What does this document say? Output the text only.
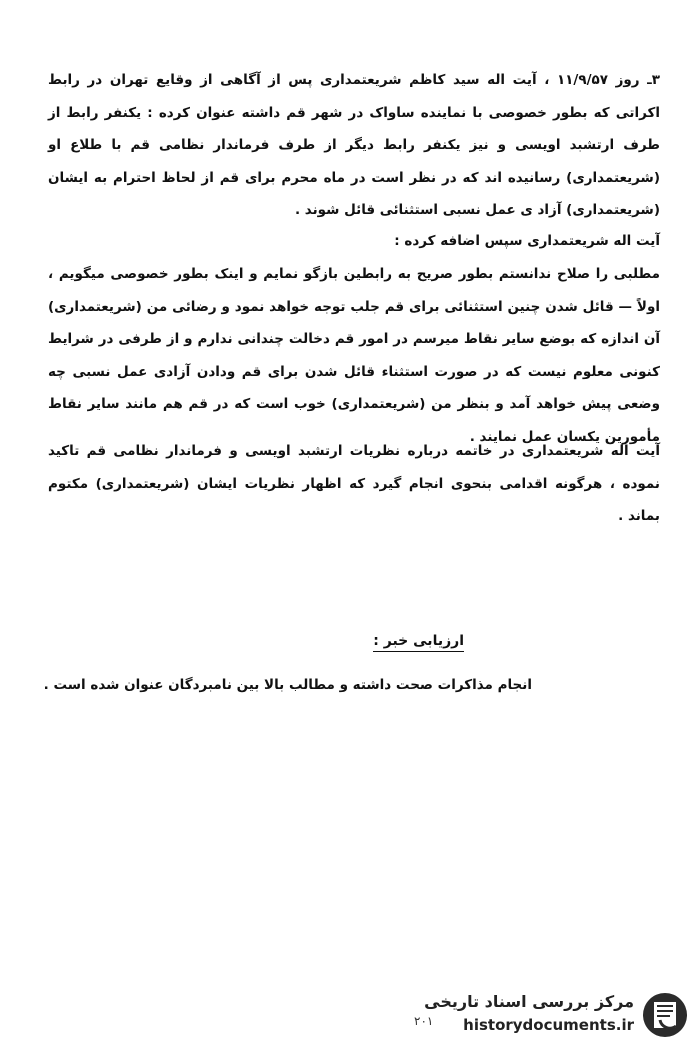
۳ـ روز ۱۱/۹/۵۷ ، آیت اله سید کاظم شریعتمداری پس از آگاهی از وقایع تهران در رابط اکراتی که بطور خصوصی با نماینده ساواک در شهر قم داشته عنوان کرده : یکنفر رابط از طرف ارتشبد اویسی و نیز یکنفر رابط دیگر از طرف فرماندار نظامی قم با طلاع او (شریعتمداری) رسانیده اند که در نظر است در ماه محرم برای قم از لحاظ احترام به ایشان (شریعتمداری) آزاد ی عمل نسبی استثنائی قائل شوند .
آیت اله شریعتمداری سپس اضافه کرده :
مطلبی را صلاح ندانستم بطور صریح به رابطین بازگو نمایم و اینک بطور خصوصی میگویم ، اولاً — قائل شدن چنین استثنائی برای قم جلب توجه خواهد نمود و رضائی من (شریعتمداری) آن اندازه که بوضع سایر نقاط میرسم در امور قم دخالت چندانی ندارم و از طرفی در شرایط کنونی معلوم نیست که در صورت استثناء قائل شدن برای قم ودادن آزادی عمل نسبی چه وضعی پیش خواهد آمد و بنظر من (شریعتمداری) خوب است که در قم هم مانند سایر نقاط مأمورین یکسان عمل نمایند .
آیت اله شریعتمداری در خاتمه درباره نظریات ارتشبد اویسی و فرماندار نظامی قم تاکید نموده ، هرگونه اقدامی بنحوی انجام گیرد که اظهار نظریات ایشان (شریعتمداری) مکتوم بماند .
ارزیابی خبر :
انجام مذاکرات صحت داشته و مطالب بالا بین نامبردگان عنوان شده است .
۲۰۱
مرکز بررسی اسناد تاریخی
historydocuments.ir
